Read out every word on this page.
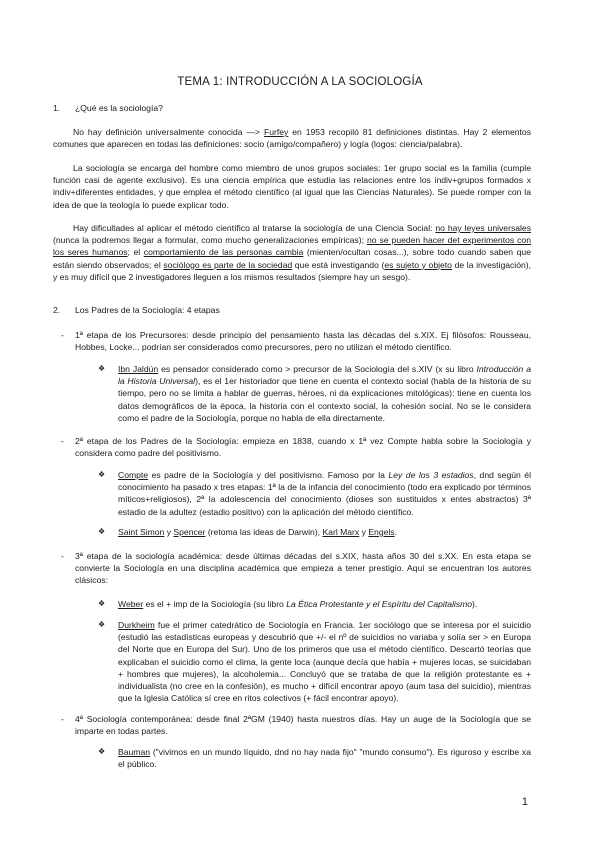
TEMA 1: INTRODUCCIÓN A LA SOCIOLOGÍA
1. ¿Qué es la sociología?
No hay definición universalmente conocida —> Furfey en 1953 recopiló 81 definiciones distintas. Hay 2 elementos comunes que aparecen en todas las definiciones: socio (amigo/compañero) y logía (logos: ciencia/palabra).
La sociología se encarga del hombre como miembro de unos grupos sociales: 1er grupo social es la familia (cumple función casi de agente exclusivo). Es una ciencia empírica que estudia las relaciones entre los indiv+grupos formados x indiv+diferentes entidades, y que emplea el método científico (al igual que las Ciencias Naturales). Se puede romper con la idea de que la teología lo puede explicar todo.
Hay dificultades al aplicar el método científico al tratarse la sociología de una Ciencia Social: no hay leyes universales (nunca la podremos llegar a formular, como mucho generalizaciones empíricas); no se pueden hacer det experimentos con los seres humanos; el comportamiento de las personas cambia (mienten/ocultan cosas...), sobre todo cuando saben que están siendo observados; el sociólogo es parte de la sociedad que está investigando (es sujeto y objeto de la investigación), y es muy difícil que 2 investigadores lleguen a los mismos resultados (siempre hay un sesgo).
2. Los Padres de la Sociología: 4 etapas
- 1ª etapa de los Precursores: desde principio del pensamiento hasta las décadas del s.XIX. Ej filósofos: Rousseau, Hobbes, Locke... podrían ser considerados como precursores, pero no utilizan el método científico.
❖ Ibn Jaldún es pensador considerado como > precursor de la Sociología del s.XIV (x su libro Introducción a la Historia Universal), es el 1er historiador que tiene en cuenta el contexto social (habla de la historia de su tiempo, pero no se limita a hablar de guerras, héroes, ni da explicaciones mitológicas): tiene en cuenta los datos demográficos de la época, la historia con el contexto social, la cohesión social. No se le considera como el padre de la Sociología, porque no habla de ella directamente.
- 2ª etapa de los Padres de la Sociología: empieza en 1838, cuando x 1ª vez Compte habla sobre la Sociología y considera como padre del positivismo.
❖ Compte es padre de la Sociología y del positivismo. Famoso por la Ley de los 3 estadios, dnd según él conocimiento ha pasado x tres etapas: 1ª la de la infancia del conocimiento (todo era explicado por términos míticos+religiosos), 2ª la adolescencia del conocimiento (dioses son sustituidos x entes abstractos) 3ª estadio de la adultez (estadio positivo) con la aplicación del método científico.
❖ Saint Simon y Spencer (retoma las ideas de Darwin), Karl Marx y Engels.
- 3ª etapa de la sociología académica: desde últimas décadas del s.XIX, hasta años 30 del s.XX. En esta etapa se convierte la Sociología en una disciplina académica que empieza a tener prestigio. Aquí se encuentran los autores clásicos:
❖ Weber es el + imp de la Sociología (su libro La Ética Protestante y el Espíritu del Capitalismo).
❖ Durkheim fue el primer catedrático de Sociología en Francia. 1er sociólogo que se interesa por el suicidio (estudió las estadísticas europeas y descubrió que +/- el nº de suicidios no variaba y solía ser > en Europa del Norte que en Europa del Sur). Uno de los primeros que usa el método científico. Descartó teorías que explicaban el suicidio como el clima, la gente loca (aunque decía que había + mujeres locas, se suicidaban + hombres que mujeres), la alcoholemia... Concluyó que se trataba de que la religión protestante es + individualista (no cree en la confesión), es mucho + difícil encontrar apoyo (aum tasa del suicidio), mientras que la Iglesia Católica sí cree en ritos colectivos (+ fácil encontrar apoyo).
- 4ª Sociología contemporánea: desde final 2ªGM (1940) hasta nuestros días. Hay un auge de la Sociología que se imparte en todas partes.
❖ Bauman ("vivimos en un mundo líquido, dnd no hay nada fijo" "mundo consumo"). Es riguroso y escribe xa el público.
1
